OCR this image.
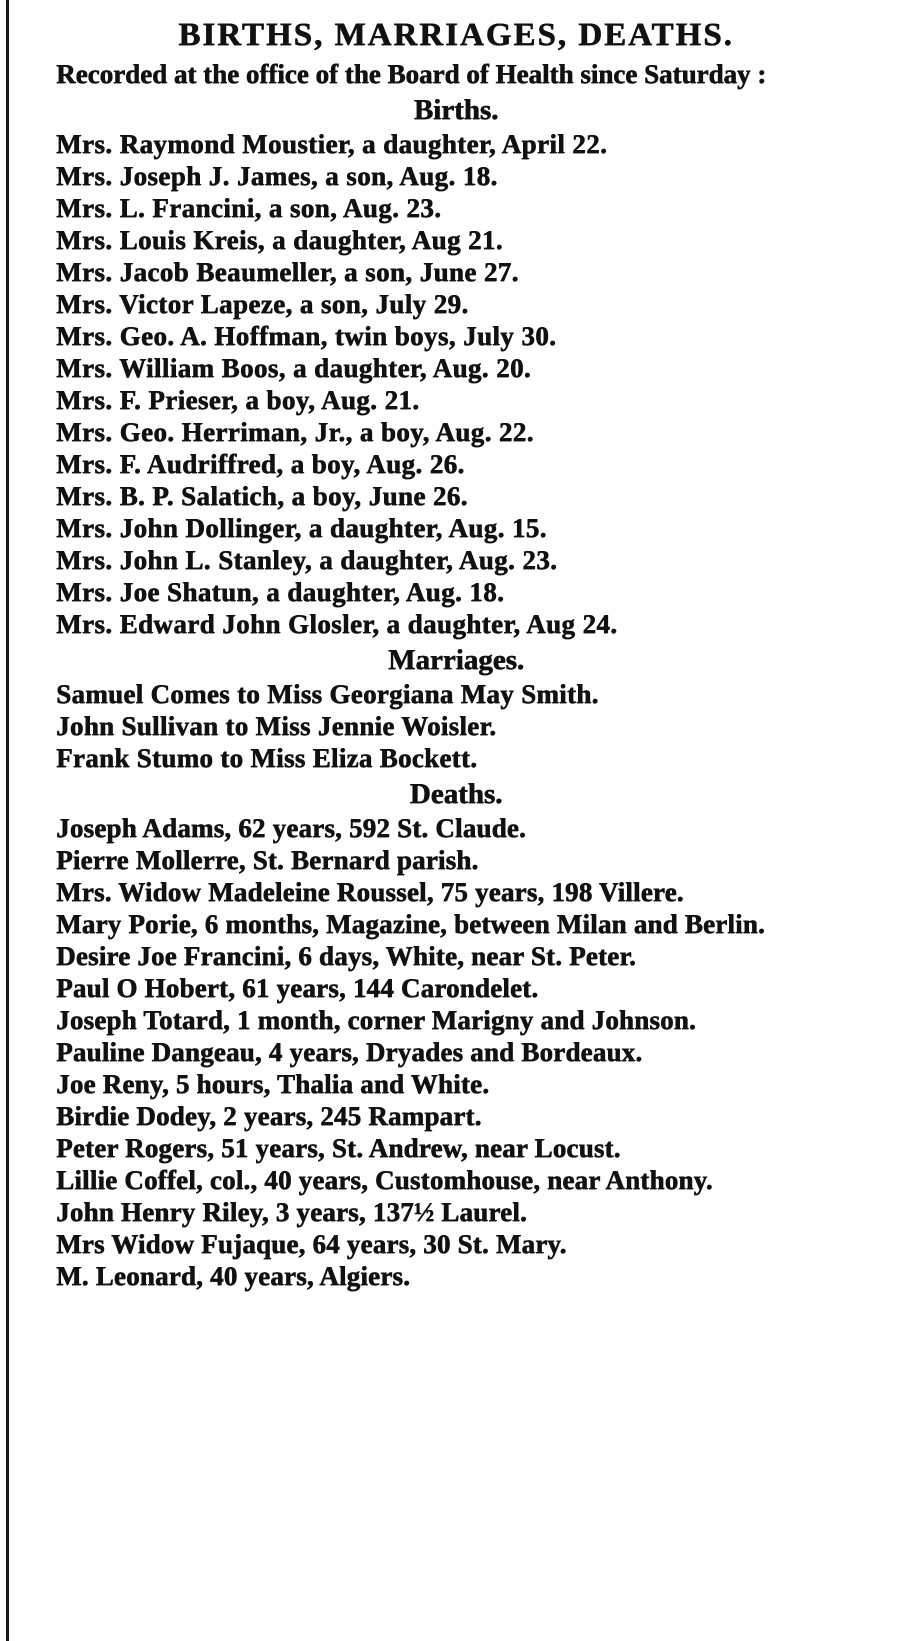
BIRTHS, MARRIAGES, DEATHS.

Recorded at the office of the Board of Health since Saturday :

Births.
Mrs. Raymond Moustier, a daughter, April 22.
Mrs. Joseph J. James, a son, Aug. 18.
Mrs. L. Francini, a son, Aug. 23.
Mrs. Louis Kreis, a daughter, Aug 21.
Mrs. Jacob Beaumeller, a son, June 27.
Mrs. Victor Lapeze, a son, July 29.
Mrs. Geo. A. Hoffman, twin boys, July 30.
Mrs. William Boos, a daughter, Aug. 20.
Mrs. F. Prieser, a boy, Aug. 21.
Mrs. Geo. Herriman, Jr., a boy, Aug. 22.
Mrs. F. Audriffred, a boy, Aug. 26.
Mrs. B. P. Salatich, a boy, June 26.
Mrs. John Dollinger, a daughter, Aug. 15.
Mrs. John L. Stanley, a daughter, Aug. 23.
Mrs. Joe Shatun, a daughter, Aug. 18.
Mrs. Edward John Glosler, a daughter, Aug 24.
Marriages.
Samuel Comes to Miss Georgiana May Smith.
John Sullivan to Miss Jennie Woisler.
Frank Stumo to Miss Eliza Bockett.
Deaths.
Joseph Adams, 62 years, 592 St. Claude.
Pierre Mollerre, St. Bernard parish.
Mrs. Widow Madeleine Roussel, 75 years, 198 Villere.
Mary Porie, 6 months, Magazine, between Milan and Berlin.
Desire Joe Francini, 6 days, White, near St. Peter.
Paul O Hobert, 61 years, 144 Carondelet.
Joseph Totard, 1 month, corner Marigny and Johnson.
Pauline Dangeau, 4 years, Dryades and Bordeaux.
Joe Reny, 5 hours, Thalia and White.
Birdie Dodey, 2 years, 245 Rampart.
Peter Rogers, 51 years, St. Andrew, near Locust.
Lillie Coffel, col., 40 years, Customhouse, near Anthony.
John Henry Riley, 3 years, 137½ Laurel.
Mrs Widow Fujaque, 64 years, 30 St. Mary.
M. Leonard, 40 years, Algiers.
